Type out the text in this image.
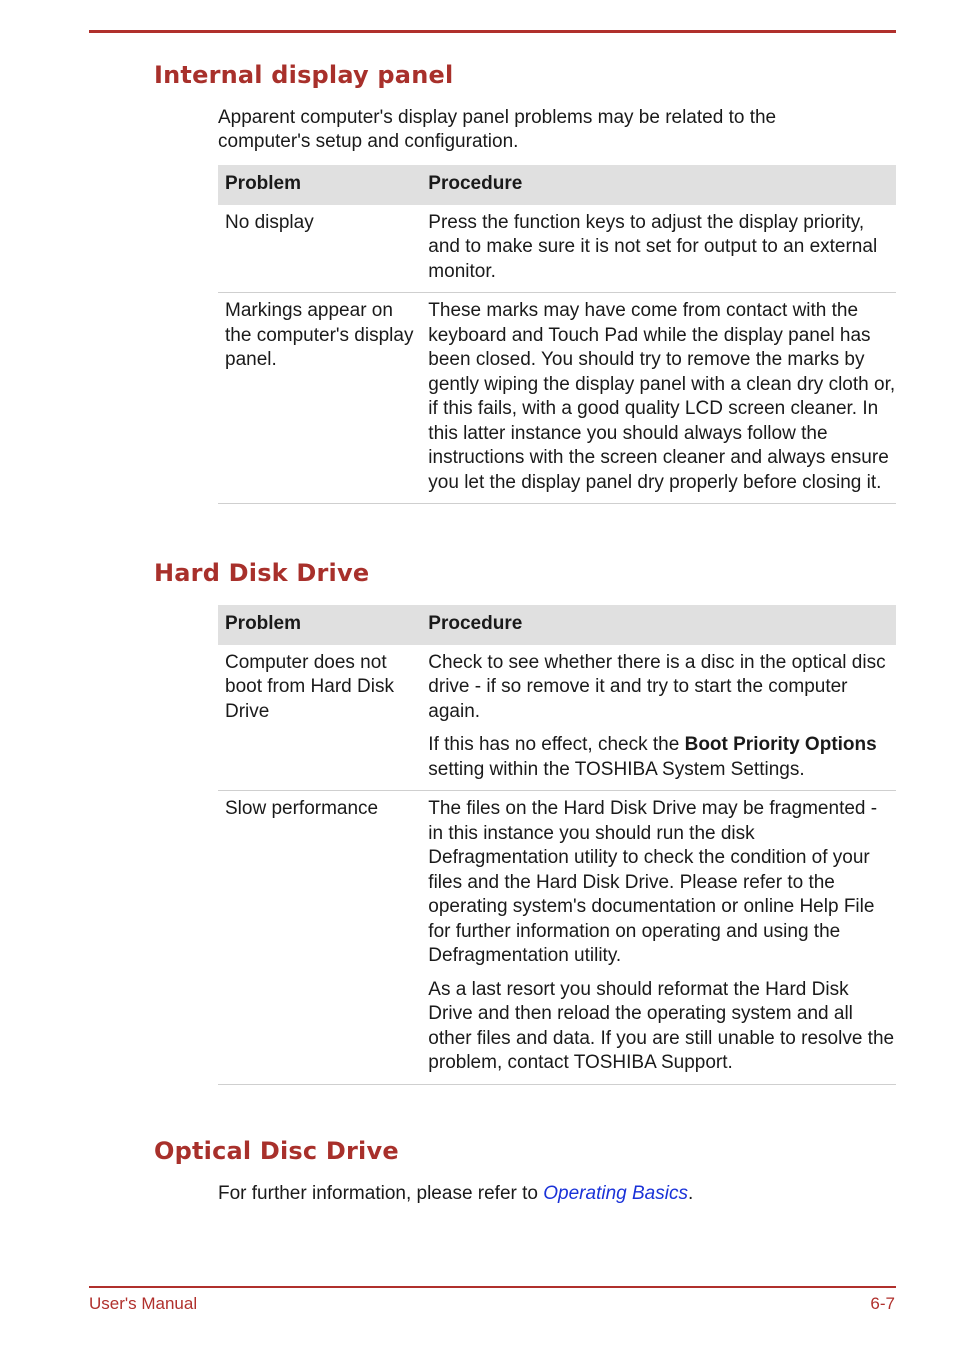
Internal display panel

Apparent computer's display panel problems may be related to the computer's setup and configuration.

Problem	Procedure
No display	Press the function keys to adjust the display priority, and to make sure it is not set for output to an external monitor.
Markings appear on the computer's display panel.	These marks may have come from contact with the keyboard and Touch Pad while the display panel has been closed. You should try to remove the marks by gently wiping the display panel with a clean dry cloth or, if this fails, with a good quality LCD screen cleaner. In this latter instance you should always follow the instructions with the screen cleaner and always ensure you let the display panel dry properly before closing it.
Hard Disk Drive
Problem	Procedure
Computer does not boot from Hard Disk Drive	Check to see whether there is a disc in the optical disc drive - if so remove it and try to start the computer again.

If this has no effect, check the Boot Priority Options setting within the TOSHIBA System Settings.

Slow performance	The files on the Hard Disk Drive may be fragmented - in this instance you should run the disk Defragmentation utility to check the condition of your files and the Hard Disk Drive. Please refer to the operating system's documentation or online Help File for further information on operating and using the Defragmentation utility.

As a last resort you should reformat the Hard Disk Drive and then reload the operating system and all other files and data. If you are still unable to resolve the problem, contact TOSHIBA Support.

Optical Disc Drive

For further information, please refer to Operating Basics.

User's Manual	6-7
